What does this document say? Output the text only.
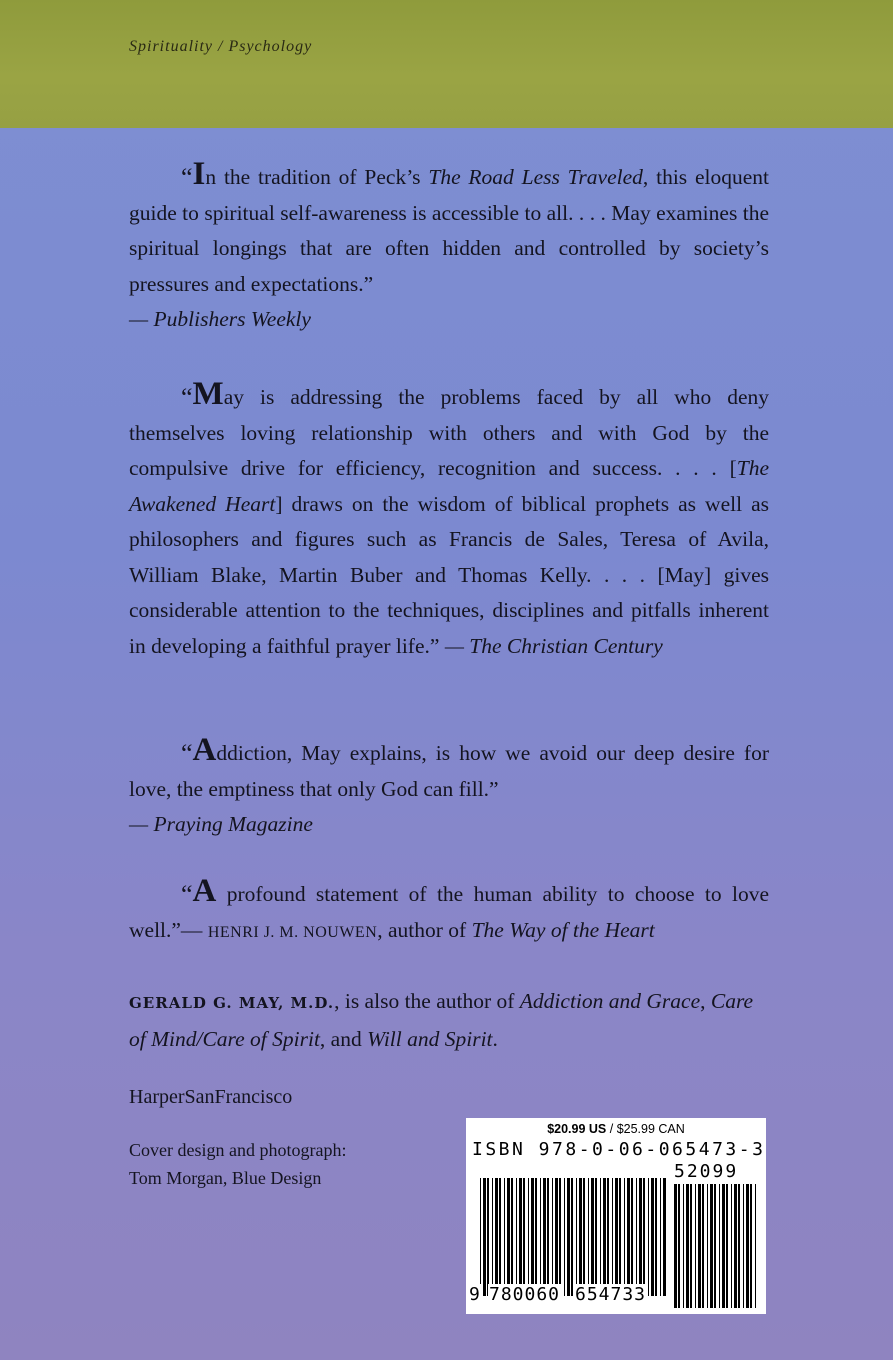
Spirituality / Psychology

“In the tradition of Peck’s The Road Less Traveled, this eloquent guide to spiritual self-awareness is accessible to all. . . . May examines the spiritual longings that are often hidden and controlled by society’s pressures and expectations.”

— Publishers Weekly

“May is addressing the problems faced by all who deny themselves loving relationship with others and with God by the compulsive drive for efficiency, recognition and success. . . . [The Awakened Heart] draws on the wisdom of biblical prophets as well as philosophers and figures such as Francis de Sales, Teresa of Avila, William Blake, Martin Buber and Thomas Kelly. . . . [May] gives considerable attention to the techniques, disciplines and pitfalls inherent in developing a faithful prayer life.” — The Christian Century

“Addiction, May explains, is how we avoid our deep desire for love, the emptiness that only God can fill.”

— Praying Magazine

“A profound statement of the human ability to choose to love well.”— HENRI J. M. NOUWEN, author of The Way of the Heart

GERALD G. MAY, M.D., is also the author of Addiction and Grace, Care of Mind/Care of Spirit, and Will and Spirit.

HarperSanFrancisco
Cover design and photograph:
Tom Morgan, Blue Design
$20.99 US / $25.99 CAN
ISBN 978-0-06-065473-3
52099
9 780060 654733
